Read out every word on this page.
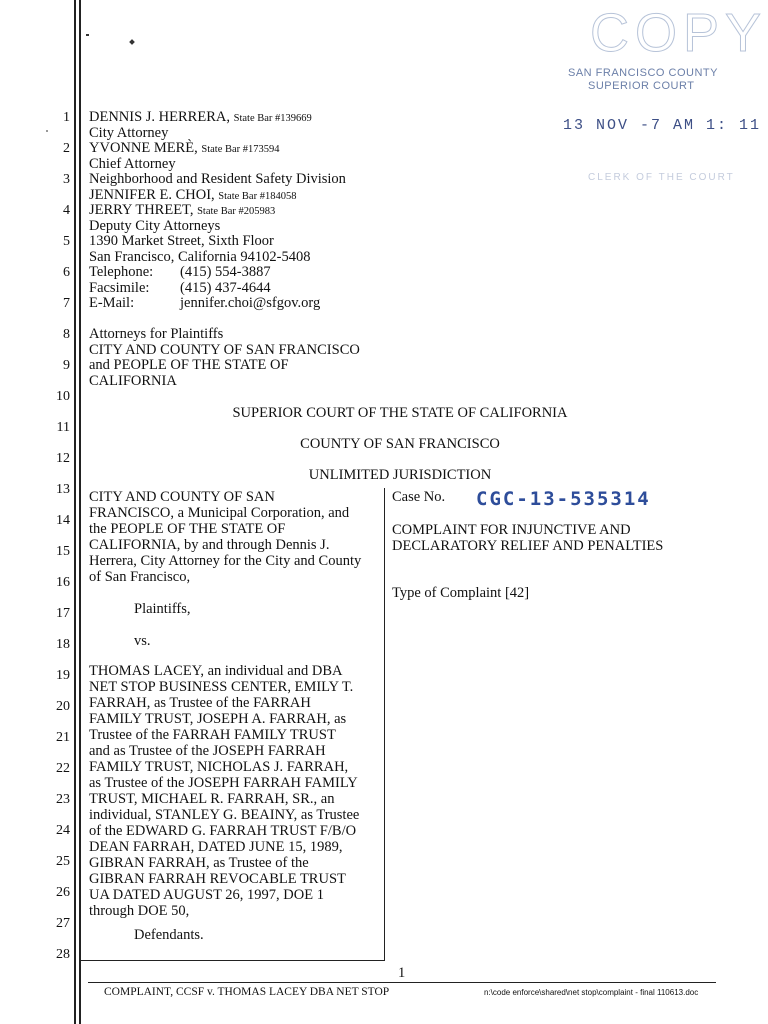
COPY
SAN FRANCISCO COUNTY
SUPERIOR COURT
13 NOV -7 AM 1: 11
CLERK OF THE COURT
1
2
3
4
5
6
7
8
9
10
11
12
13
14
15
16
17
18
19
20
21
22
23
24
25
26
27
28
DENNIS J. HERRERA, State Bar #139669
City Attorney
YVONNE MERÈ, State Bar #173594
Chief Attorney
Neighborhood and Resident Safety Division
JENNIFER E. CHOI, State Bar #184058
JERRY THREET, State Bar #205983
Deputy City Attorneys
1390 Market Street, Sixth Floor
San Francisco, California 94102-5408
Telephone: (415) 554-3887
Facsimile: (415) 437-4644
E-Mail:	jennifer.choi@sfgov.org
Attorneys for Plaintiffs
CITY AND COUNTY OF SAN FRANCISCO
and PEOPLE OF THE STATE OF
CALIFORNIA
SUPERIOR COURT OF THE STATE OF CALIFORNIA
COUNTY OF SAN FRANCISCO
UNLIMITED JURISDICTION
CITY AND COUNTY OF SAN
FRANCISCO, a Municipal Corporation, and
the PEOPLE OF THE STATE OF
CALIFORNIA, by and through Dennis J.
Herrera, City Attorney for the City and County
of San Francisco,
Plaintiffs,
vs.
THOMAS LACEY, an individual and DBA
NET STOP BUSINESS CENTER, EMILY T.
FARRAH, as Trustee of the FARRAH
FAMILY TRUST, JOSEPH A. FARRAH, as
Trustee of the FARRAH FAMILY TRUST
and as Trustee of the JOSEPH FARRAH
FAMILY TRUST, NICHOLAS J. FARRAH,
as Trustee of the JOSEPH FARRAH FAMILY
TRUST, MICHAEL R. FARRAH, SR., an
individual, STANLEY G. BEAINY, as Trustee
of the EDWARD G. FARRAH TRUST F/B/O
DEAN FARRAH, DATED JUNE 15, 1989,
GIBRAN FARRAH, as Trustee of the
GIBRAN FARRAH REVOCABLE TRUST
UA DATED AUGUST 26, 1997, DOE 1
through DOE 50,
Defendants.
Case No. CGC-13-535314
COMPLAINT FOR INJUNCTIVE AND
DECLARATORY RELIEF AND PENALTIES
Type of Complaint [42]
1
COMPLAINT, CCSF v. THOMAS LACEY DBA NET STOP	n:\code enforce\shared\net stop\complaint - final 110613.doc
